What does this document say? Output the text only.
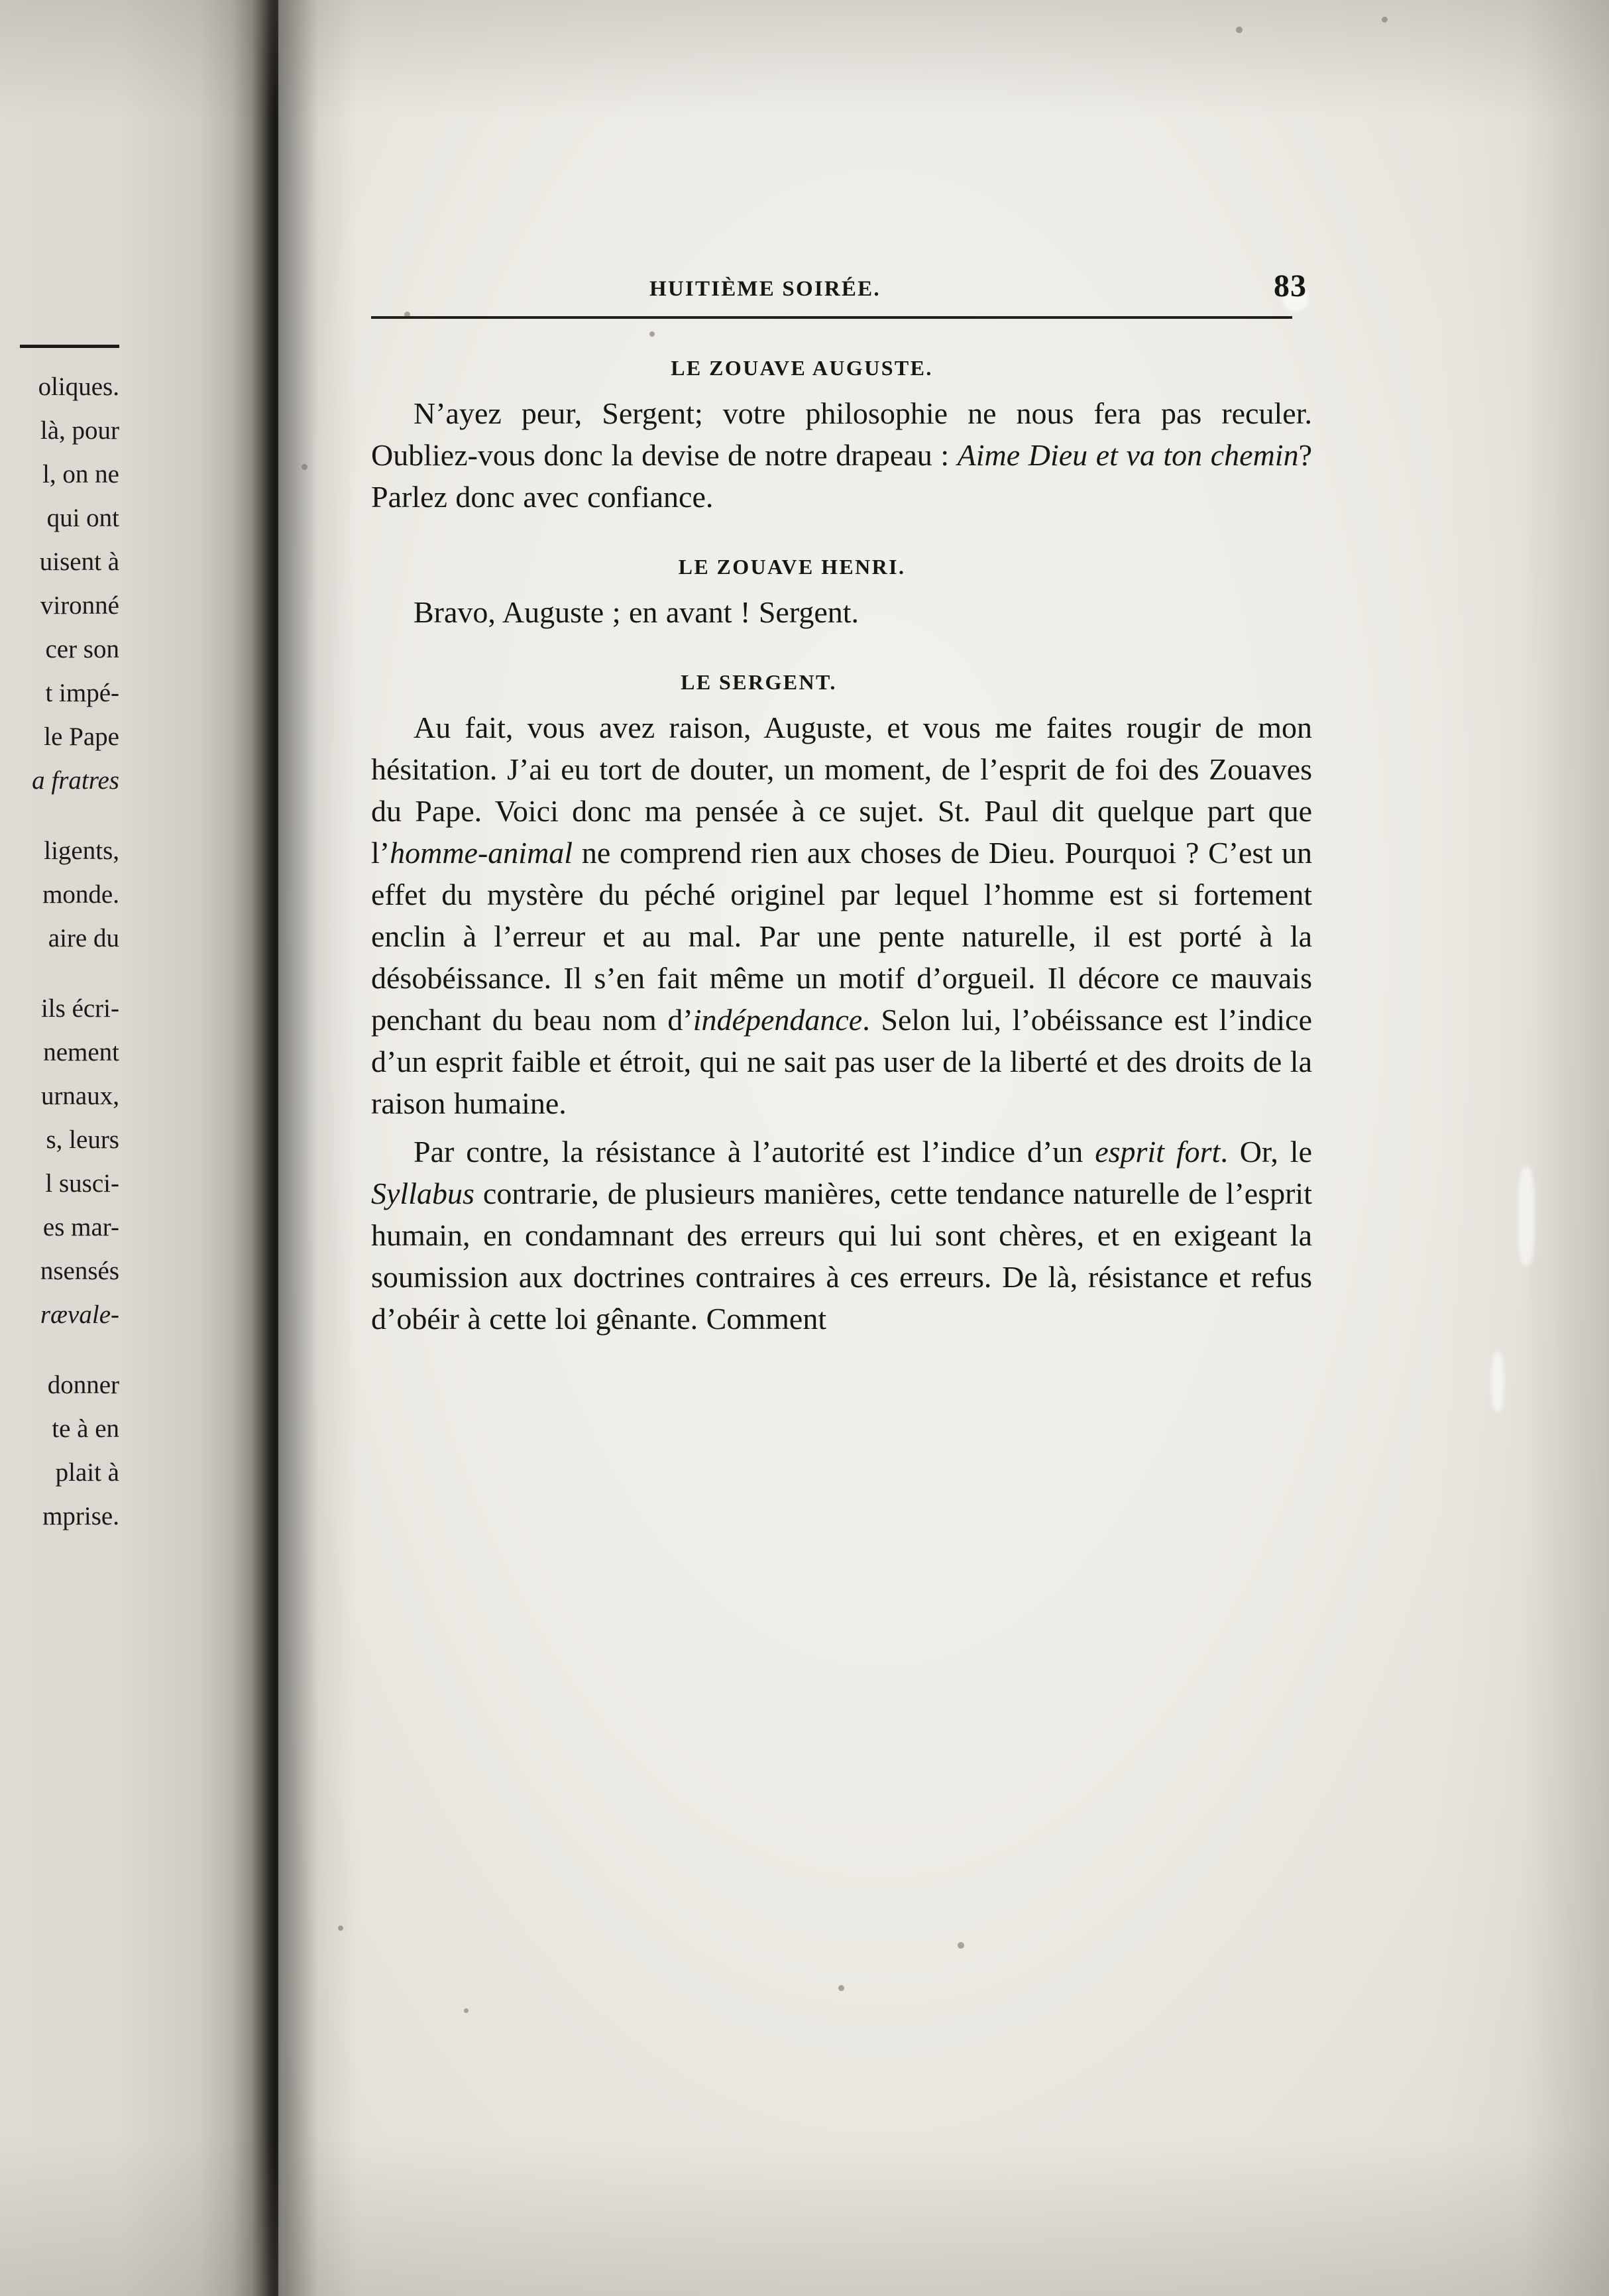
oliques.
là, pour
l, on ne
qui ont
uisent à
vironné
cer son
t impé-
le Pape
a fratres
ligents,
monde.
aire du
ils écri-
nement
urnaux,
s, leurs
l susci-
es mar-
nsensés
rævale-
donner
te à en
plait à
mprise.
HUITIÈME SOIRÉE.	83
LE ZOUAVE AUGUSTE.

N’ayez peur, Sergent; votre philosophie ne nous fera pas reculer. Oubliez-vous donc la devise de notre drapeau : Aime Dieu et va ton chemin? Parlez donc avec confiance.

LE ZOUAVE HENRI.

Bravo, Auguste ; en avant ! Sergent.

LE SERGENT.

Au fait, vous avez raison, Auguste, et vous me faites rougir de mon hésitation. J’ai eu tort de douter, un moment, de l’esprit de foi des Zouaves du Pape. Voici donc ma pensée à ce sujet. St. Paul dit quelque part que l’homme-animal ne comprend rien aux choses de Dieu. Pourquoi ? C’est un effet du mystère du péché originel par lequel l’homme est si fortement enclin à l’erreur et au mal. Par une pente naturelle, il est porté à la désobéissance. Il s’en fait même un motif d’orgueil. Il décore ce mauvais penchant du beau nom d’indépendance. Selon lui, l’obéissance est l’indice d’un esprit faible et étroit, qui ne sait pas user de la liberté et des droits de la raison humaine.

Par contre, la résistance à l’autorité est l’indice d’un esprit fort. Or, le Syllabus contrarie, de plusieurs manières, cette tendance naturelle de l’esprit humain, en condamnant des erreurs qui lui sont chères, et en exigeant la soumission aux doctrines contraires à ces erreurs. De là, résistance et refus d’obéir à cette loi gênante. Comment
